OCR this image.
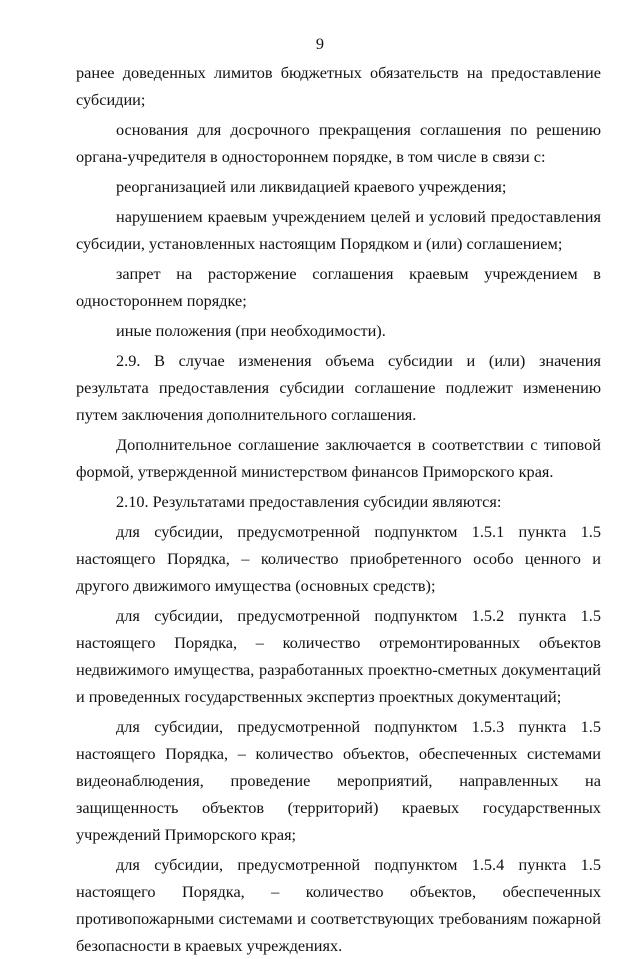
9

ранее доведенных лимитов бюджетных обязательств на предоставление субсидии;

основания для досрочного прекращения соглашения по решению органа-учредителя в одностороннем порядке, в том числе в связи с:

реорганизацией или ликвидацией краевого учреждения;

нарушением краевым учреждением целей и условий предоставления субсидии, установленных настоящим Порядком и (или) соглашением;

запрет на расторжение соглашения краевым учреждением в одностороннем порядке;

иные положения (при необходимости).

2.9. В случае изменения объема субсидии и (или) значения результата предоставления субсидии соглашение подлежит изменению путем заключения дополнительного соглашения.

Дополнительное соглашение заключается в соответствии с типовой формой, утвержденной министерством финансов Приморского края.

2.10. Результатами предоставления субсидии являются:

для субсидии, предусмотренной подпунктом 1.5.1 пункта 1.5 настоящего Порядка, – количество приобретенного особо ценного и другого движимого имущества (основных средств);

для субсидии, предусмотренной подпунктом 1.5.2 пункта 1.5 настоящего Порядка, – количество отремонтированных объектов недвижимого имущества, разработанных проектно-сметных документаций и проведенных государственных экспертиз проектных документаций;

для субсидии, предусмотренной подпунктом 1.5.3 пункта 1.5 настоящего Порядка, – количество объектов, обеспеченных системами видеонаблюдения, проведение мероприятий, направленных на защищенность объектов (территорий) краевых государственных учреждений Приморского края;

для субсидии, предусмотренной подпунктом 1.5.4 пункта 1.5 настоящего Порядка, – количество объектов, обеспеченных противопожарными системами и соответствующих требованиям пожарной безопасности в краевых учреждениях.
